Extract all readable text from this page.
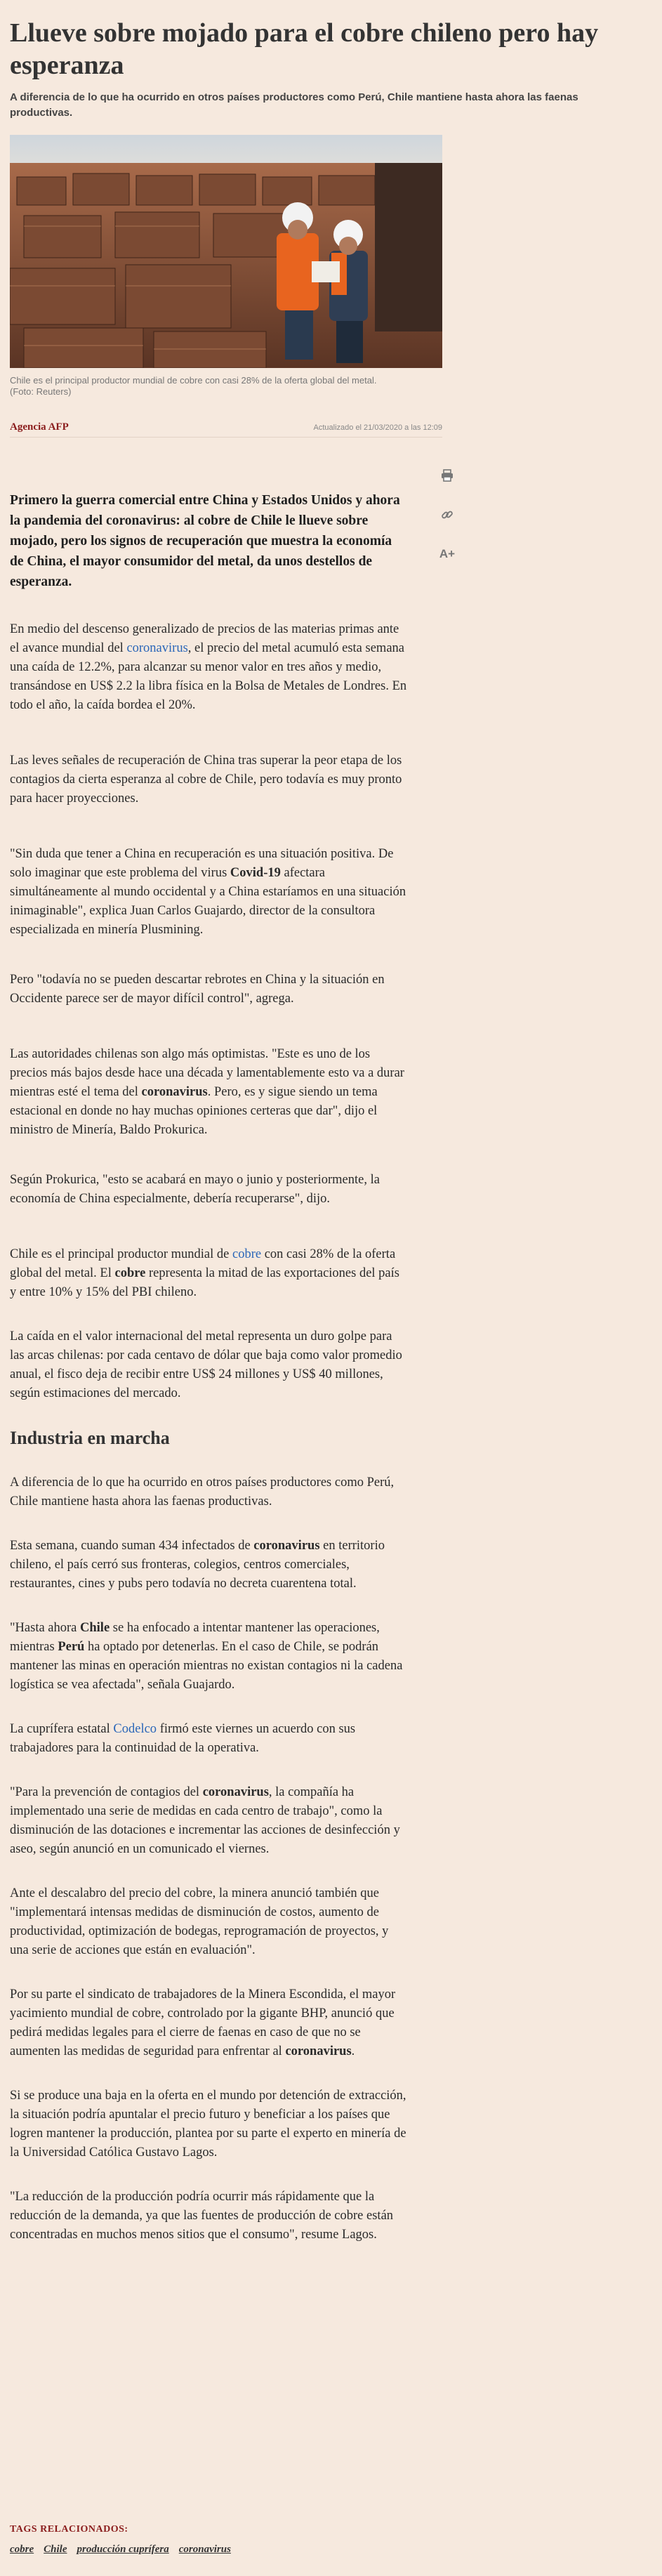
Llueve sobre mojado para el cobre chileno pero hay esperanza

A diferencia de lo que ha ocurrido en otros países productores como Perú, Chile mantiene hasta ahora las faenas productivas.

Chile es el principal productor mundial de cobre con casi 28% de la oferta global del metal.
(Foto: Reuters)

Agencia AFP	Actualizado el 21/03/2020 a las 12:09
A+

Primero la guerra comercial entre China y Estados Unidos y ahora la pandemia del coronavirus: al cobre de Chile le llueve sobre mojado, pero los signos de recuperación que muestra la economía de China, el mayor consumidor del metal, da unos destellos de esperanza.

En medio del descenso generalizado de precios de las materias primas ante el avance mundial del coronavirus, el precio del metal acumuló esta semana una caída de 12.2%, para alcanzar su menor valor en tres años y medio, transándose en US$ 2.2 la libra física en la Bolsa de Metales de Londres. En todo el año, la caída bordea el 20%.

Las leves señales de recuperación de China tras superar la peor etapa de los contagios da cierta esperanza al cobre de Chile, pero todavía es muy pronto para hacer proyecciones.

"Sin duda que tener a China en recuperación es una situación positiva. De solo imaginar que este problema del virus Covid-19 afectara simultáneamente al mundo occidental y a China estaríamos en una situación inimaginable", explica Juan Carlos Guajardo, director de la consultora especializada en minería Plusmining.

Pero "todavía no se pueden descartar rebrotes en China y la situación en Occidente parece ser de mayor difícil control", agrega.

Las autoridades chilenas son algo más optimistas. "Este es uno de los precios más bajos desde hace una década y lamentablemente esto va a durar mientras esté el tema del coronavirus. Pero, es y sigue siendo un tema estacional en donde no hay muchas opiniones certeras que dar", dijo el ministro de Minería, Baldo Prokurica.

Según Prokurica, "esto se acabará en mayo o junio y posteriormente, la economía de China especialmente, debería recuperarse", dijo.

Chile es el principal productor mundial de cobre con casi 28% de la oferta global del metal. El cobre representa la mitad de las exportaciones del país y entre 10% y 15% del PBI chileno.

La caída en el valor internacional del metal representa un duro golpe para las arcas chilenas: por cada centavo de dólar que baja como valor promedio anual, el fisco deja de recibir entre US$ 24 millones y US$ 40 millones, según estimaciones del mercado.

Industria en marcha

A diferencia de lo que ha ocurrido en otros países productores como Perú, Chile mantiene hasta ahora las faenas productivas.

Esta semana, cuando suman 434 infectados de coronavirus en territorio chileno, el país cerró sus fronteras, colegios, centros comerciales, restaurantes, cines y pubs pero todavía no decreta cuarentena total.

"Hasta ahora Chile se ha enfocado a intentar mantener las operaciones, mientras Perú ha optado por detenerlas. En el caso de Chile, se podrán mantener las minas en operación mientras no existan contagios ni la cadena logística se vea afectada", señala Guajardo.

La cuprífera estatal Codelco firmó este viernes un acuerdo con sus trabajadores para la continuidad de la operativa.

"Para la prevención de contagios del coronavirus, la compañía ha implementado una serie de medidas en cada centro de trabajo", como la disminución de las dotaciones e incrementar las acciones de desinfección y aseo, según anunció en un comunicado el viernes.

Ante el descalabro del precio del cobre, la minera anunció también que "implementará intensas medidas de disminución de costos, aumento de productividad, optimización de bodegas, reprogramación de proyectos, y una serie de acciones que están en evaluación".

Por su parte el sindicato de trabajadores de la Minera Escondida, el mayor yacimiento mundial de cobre, controlado por la gigante BHP, anunció que pedirá medidas legales para el cierre de faenas en caso de que no se aumenten las medidas de seguridad para enfrentar al coronavirus.

Si se produce una baja en la oferta en el mundo por detención de extracción, la situación podría apuntalar el precio futuro y beneficiar a los países que logren mantener la producción, plantea por su parte el experto en minería de la Universidad Católica Gustavo Lagos.

"La reducción de la producción podría ocurrir más rápidamente que la reducción de la demanda, ya que las fuentes de producción de cobre están concentradas en muchos menos sitios que el consumo", resume Lagos.

TAGS RELACIONADOS:
cobre Chile producción cuprífera coronavirus
